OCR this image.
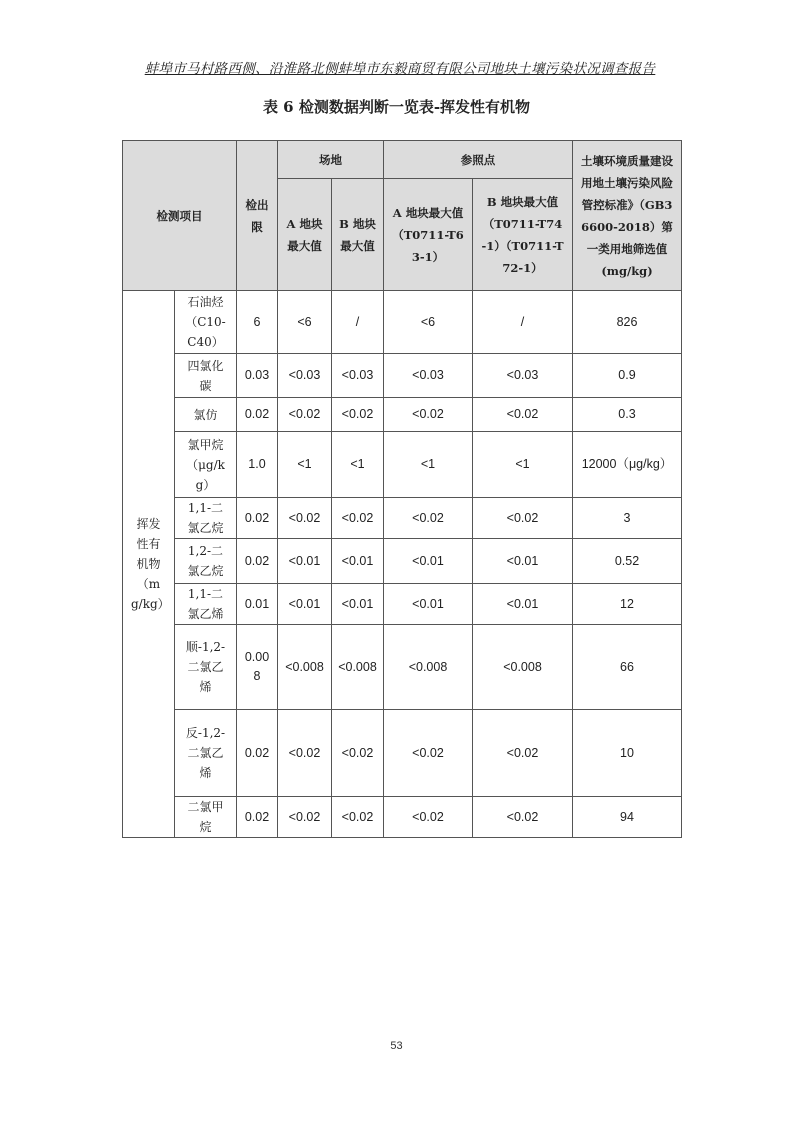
蚌埠市马村路西侧、沿淮路北侧蚌埠市东毅商贸有限公司地块土壤污染状况调查报告
表 6 检测数据判断一览表-挥发性有机物
检测项目		检出限	场地		参照点		土壤环境质量建设用地土壤污染风险管控标准》（GB36600-2018）第一类用地筛选值(mg/kg)
			A 地块最大值	B 地块最大值	A 地块最大值（T0711-T63-1）	B 地块最大值（T0711-T74-1）（T0711-T72-1）	
挥发性有机物（mg/kg）	石油烃（C10-C40）	6	<6	/	<6	/	826
	四氯化碳	0.03	<0.03	<0.03	<0.03	<0.03	0.9
	氯仿	0.02	<0.02	<0.02	<0.02	<0.02	0.3
	氯甲烷（μg/kg）	1.0	<1	<1	<1	<1	12000（μg/kg）
	1,1-二氯乙烷	0.02	<0.02	<0.02	<0.02	<0.02	3
	1,2-二氯乙烷	0.02	<0.01	<0.01	<0.01	<0.01	0.52
	1,1-二氯乙烯	0.01	<0.01	<0.01	<0.01	<0.01	12
	顺-1,2-二氯乙烯	0.008	<0.008	<0.008	<0.008	<0.008	66
	反-1,2-二氯乙烯	0.02	<0.02	<0.02	<0.02	<0.02	10
	二氯甲烷	0.02	<0.02	<0.02	<0.02	<0.02	94
53
